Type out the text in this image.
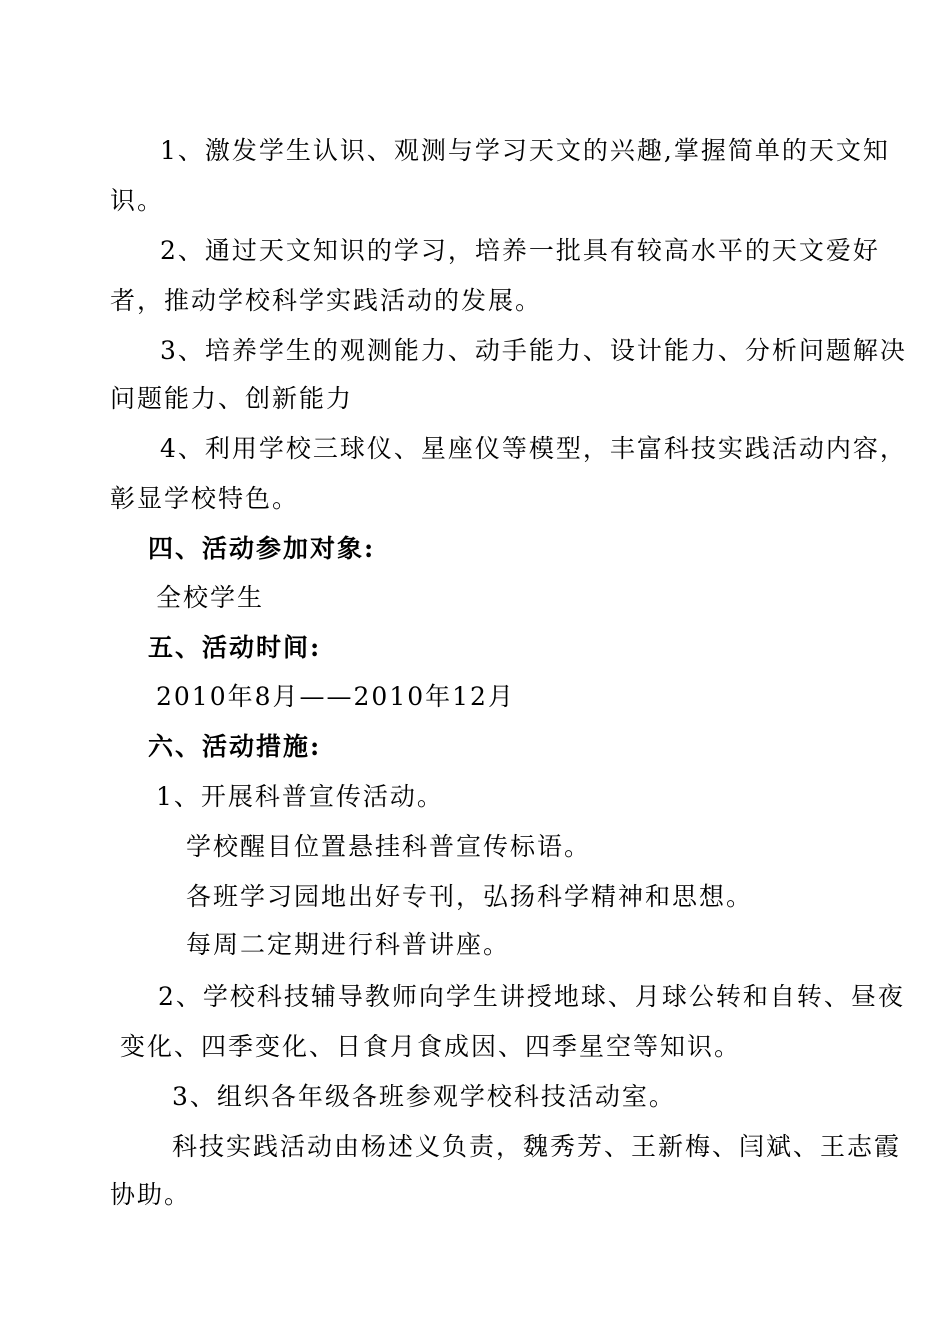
1、激发学生认识、观测与学习天文的兴趣,掌握简单的天文知
识。
2、通过天文知识的学习，培养一批具有较高水平的天文爱好
者，推动学校科学实践活动的发展。
3、培养学生的观测能力、动手能力、设计能力、分析问题解决
问题能力、创新能力
4、利用学校三球仪、星座仪等模型，丰富科技实践活动内容，
彰显学校特色。
四、活动参加对象:
全校学生
五、活动时间:
2010年8月——2010年12月
六、活动措施:
1、开展科普宣传活动。
学校醒目位置悬挂科普宣传标语。
各班学习园地出好专刊，弘扬科学精神和思想。
每周二定期进行科普讲座。
2、学校科技辅导教师向学生讲授地球、月球公转和自转、昼夜
变化、四季变化、日食月食成因、四季星空等知识。
3、组织各年级各班参观学校科技活动室。
科技实践活动由杨述义负责，魏秀芳、王新梅、闫斌、王志霞
协助。
